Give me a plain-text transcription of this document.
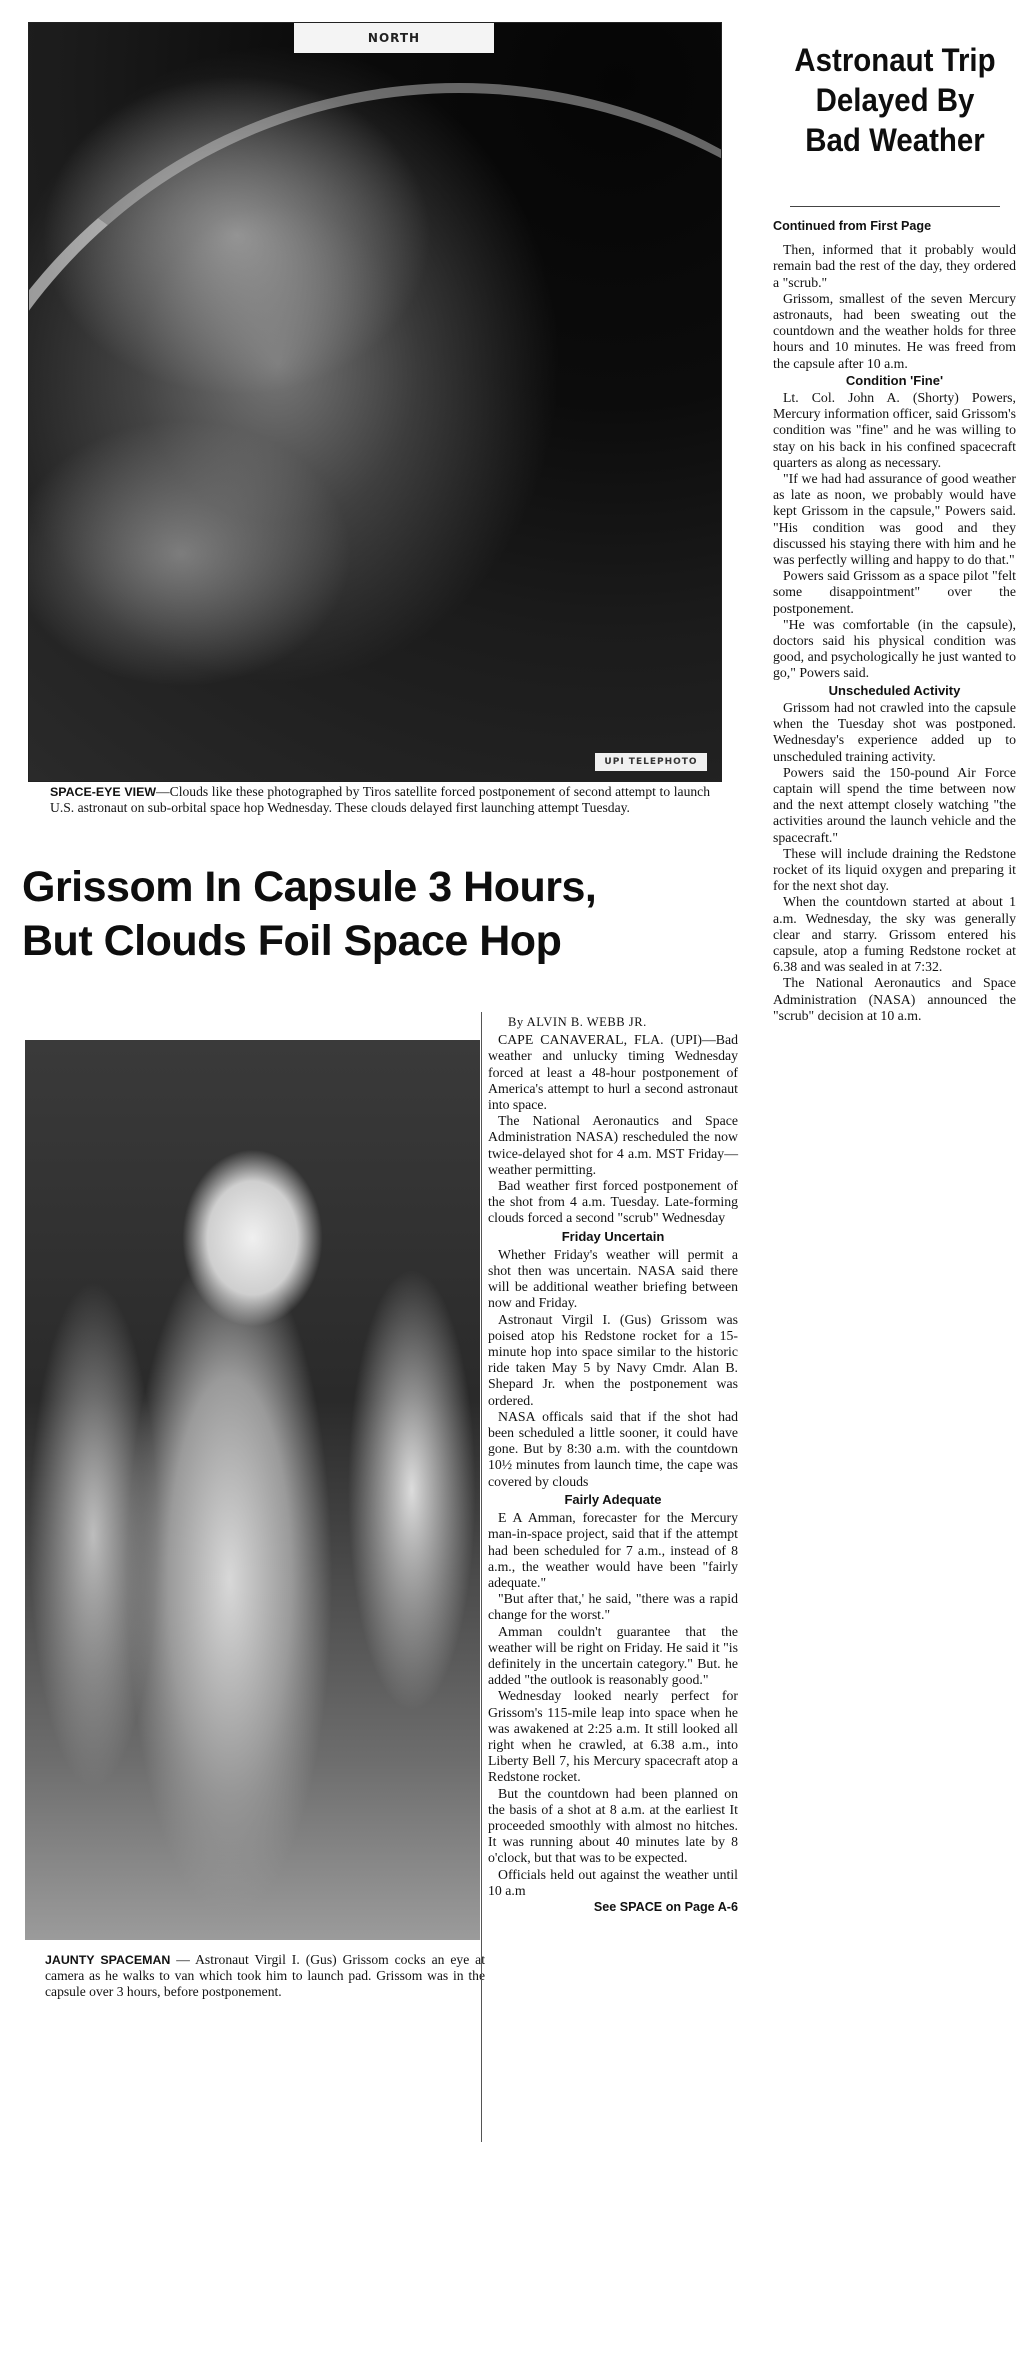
NORTH
UPI TELEPHOTO
SPACE-EYE VIEW—Clouds like these photographed by Tiros satellite forced postponement of second attempt to launch U.S. astronaut on sub-orbital space hop Wednesday. These clouds delayed first launching attempt Tuesday.
Grissom In Capsule 3 Hours,
But Clouds Foil Space Hop
JAUNTY SPACEMAN — Astronaut Virgil I. (Gus) Grissom cocks an eye at camera as he walks to van which took him to launch pad. Grissom was in the capsule over 3 hours, before postponement.

By ALVIN B. WEBB JR.

CAPE CANAVERAL, FLA. (UPI)—Bad weather and unlucky timing Wednesday forced at least a 48-hour postponement of America's attempt to hurl a second astronaut into space.

The National Aeronautics and Space Administration NASA) rescheduled the now twice-delayed shot for 4 a.m. MST Friday—weather permitting.

Bad weather first forced postponement of the shot from 4 a.m. Tuesday. Late-forming clouds forced a second "scrub" Wednesday

Friday Uncertain

Whether Friday's weather will permit a shot then was uncertain. NASA said there will be additional weather briefing between now and Friday.

Astronaut Virgil I. (Gus) Grissom was poised atop his Redstone rocket for a 15-minute hop into space similar to the historic ride taken May 5 by Navy Cmdr. Alan B. Shepard Jr. when the postponement was ordered.

NASA officals said that if the shot had been scheduled a little sooner, it could have gone. But by 8:30 a.m. with the countdown 10½ minutes from launch time, the cape was covered by clouds

Fairly Adequate

E A Amman, forecaster for the Mercury man-in-space project, said that if the attempt had been scheduled for 7 a.m., instead of 8 a.m., the weather would have been "fairly adequate."

"But after that,' he said, "there was a rapid change for the worst."

Amman couldn't guarantee that the weather will be right on Friday. He said it "is definitely in the uncertain category." But. he added "the outlook is reasonably good."

Wednesday looked nearly perfect for Grissom's 115-mile leap into space when he was awakened at 2:25 a.m. It still looked all right when he crawled, at 6.38 a.m., into Liberty Bell 7, his Mercury spacecraft atop a Redstone rocket.

But the countdown had been planned on the basis of a shot at 8 a.m. at the earliest It proceeded smoothly with almost no hitches. It was running about 40 minutes late by 8 o'clock, but that was to be expected.

Officials held out against the weather until 10 a.m

See SPACE on Page A-6

Astronaut Trip
Delayed By
Bad Weather

Continued from First Page

Then, informed that it probably would remain bad the rest of the day, they ordered a "scrub."

Grissom, smallest of the seven Mercury astronauts, had been sweating out the countdown and the weather holds for three hours and 10 minutes. He was freed from the capsule after 10 a.m.

Condition 'Fine'

Lt. Col. John A. (Shorty) Powers, Mercury information officer, said Grissom's condition was "fine" and he was willing to stay on his back in his confined spacecraft quarters as along as necessary.

"If we had had assurance of good weather as late as noon, we probably would have kept Grissom in the capsule," Powers said. "His condition was good and they discussed his staying there with him and he was perfectly willing and happy to do that."

Powers said Grissom as a space pilot "felt some disappointment" over the postponement.

"He was comfortable (in the capsule), doctors said his physical condition was good, and psychologically he just wanted to go," Powers said.

Unscheduled Activity

Grissom had not crawled into the capsule when the Tuesday shot was postponed. Wednesday's experience added up to unscheduled training activity.

Powers said the 150-pound Air Force captain will spend the time between now and the next attempt closely watching "the activities around the launch vehicle and the spacecraft."

These will include draining the Redstone rocket of its liquid oxygen and preparing it for the next shot day.

When the countdown started at about 1 a.m. Wednesday, the sky was generally clear and starry. Grissom entered his capsule, atop a fuming Redstone rocket at 6.38 and was sealed in at 7:32.

The National Aeronautics and Space Administration (NASA) announced the "scrub" decision at 10 a.m.
